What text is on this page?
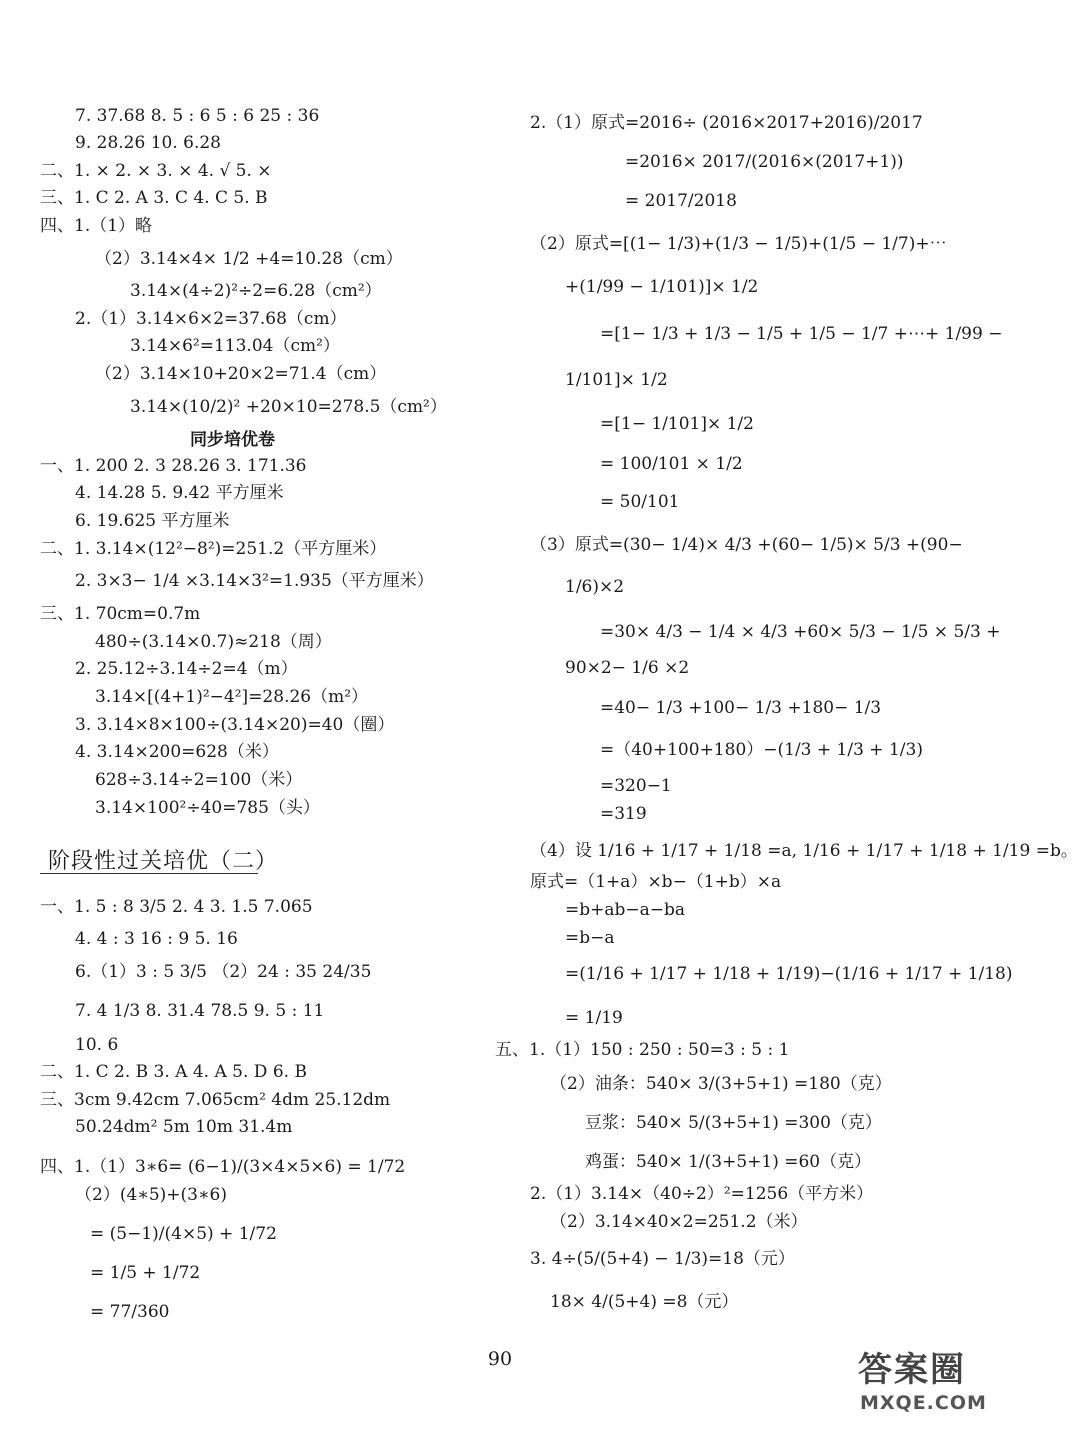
7. 37.68 8. 5 : 6 5 : 6 25 : 36
9. 28.26 10. 6.28
二、1. × 2. × 3. × 4. √ 5. ×
三、1. C 2. A 3. C 4. C 5. B
四、1.（1）略
（2）3.14×4× 1/2 +4=10.28（cm）
3.14×(4÷2)²÷2=6.28（cm²）
2.（1）3.14×6×2=37.68（cm）
3.14×6²=113.04（cm²）
（2）3.14×10+20×2=71.4（cm）
3.14×(10/2)² +20×10=278.5（cm²）
同步培优卷
一、1. 200 2. 3 28.26 3. 171.36
4. 14.28 5. 9.42 平方厘米
6. 19.625 平方厘米
二、1. 3.14×(12²−8²)=251.2（平方厘米）
2. 3×3− 1/4 ×3.14×3²=1.935（平方厘米）
三、1. 70cm=0.7m
480÷(3.14×0.7)≈218（周）
2. 25.12÷3.14÷2=4（m）
3.14×[(4+1)²−4²]=28.26（m²）
3. 3.14×8×100÷(3.14×20)=40（圈）
4. 3.14×200=628（米）
628÷3.14÷2=100（米）
3.14×100²÷40=785（头）
阶段性过关培优（二）
一、1. 5 : 8 3/5 2. 4 3. 1.5 7.065
4. 4 : 3 16 : 9 5. 16
6.（1）3 : 5 3/5 （2）24 : 35 24/35
7. 4 1/3 8. 31.4 78.5 9. 5 : 11
10. 6
二、1. C 2. B 3. A 4. A 5. D 6. B
三、3cm 9.42cm 7.065cm² 4dm 25.12dm
50.24dm² 5m 10m 31.4m
四、1.（1）3∗6= (6−1)/(3×4×5×6) = 1/72
（2）(4∗5)+(3∗6)
= (5−1)/(4×5) + 1/72
= 1/5 + 1/72
= 77/360
2.（1）原式=2016÷ (2016×2017+2016)/2017
=2016× 2017/(2016×(2017+1))
= 2017/2018
（2）原式=[(1− 1/3)+(1/3 − 1/5)+(1/5 − 1/7)+⋯
+(1/99 − 1/101)]× 1/2
=[1− 1/3 + 1/3 − 1/5 + 1/5 − 1/7 +⋯+ 1/99 −
1/101]× 1/2
=[1− 1/101]× 1/2
= 100/101 × 1/2
= 50/101
（3）原式=(30− 1/4)× 4/3 +(60− 1/5)× 5/3 +(90−
1/6)×2
=30× 4/3 − 1/4 × 4/3 +60× 5/3 − 1/5 × 5/3 +
90×2− 1/6 ×2
=40− 1/3 +100− 1/3 +180− 1/3
=（40+100+180）−(1/3 + 1/3 + 1/3)
=320−1
=319
（4）设 1/16 + 1/17 + 1/18 =a, 1/16 + 1/17 + 1/18 + 1/19 =b。
原式=（1+a）×b−（1+b）×a
=b+ab−a−ba
=b−a
=(1/16 + 1/17 + 1/18 + 1/19)−(1/16 + 1/17 + 1/18)
= 1/19
五、1.（1）150 : 250 : 50=3 : 5 : 1
（2）油条：540× 3/(3+5+1) =180（克）
豆浆：540× 5/(3+5+1) =300（克）
鸡蛋：540× 1/(3+5+1) =60（克）
2.（1）3.14×（40÷2）²=1256（平方米）
（2）3.14×40×2=251.2（米）
3. 4÷(5/(5+4) − 1/3)=18（元）
18× 4/(5+4) =8（元）
90	答案圈
MXQE.COM
